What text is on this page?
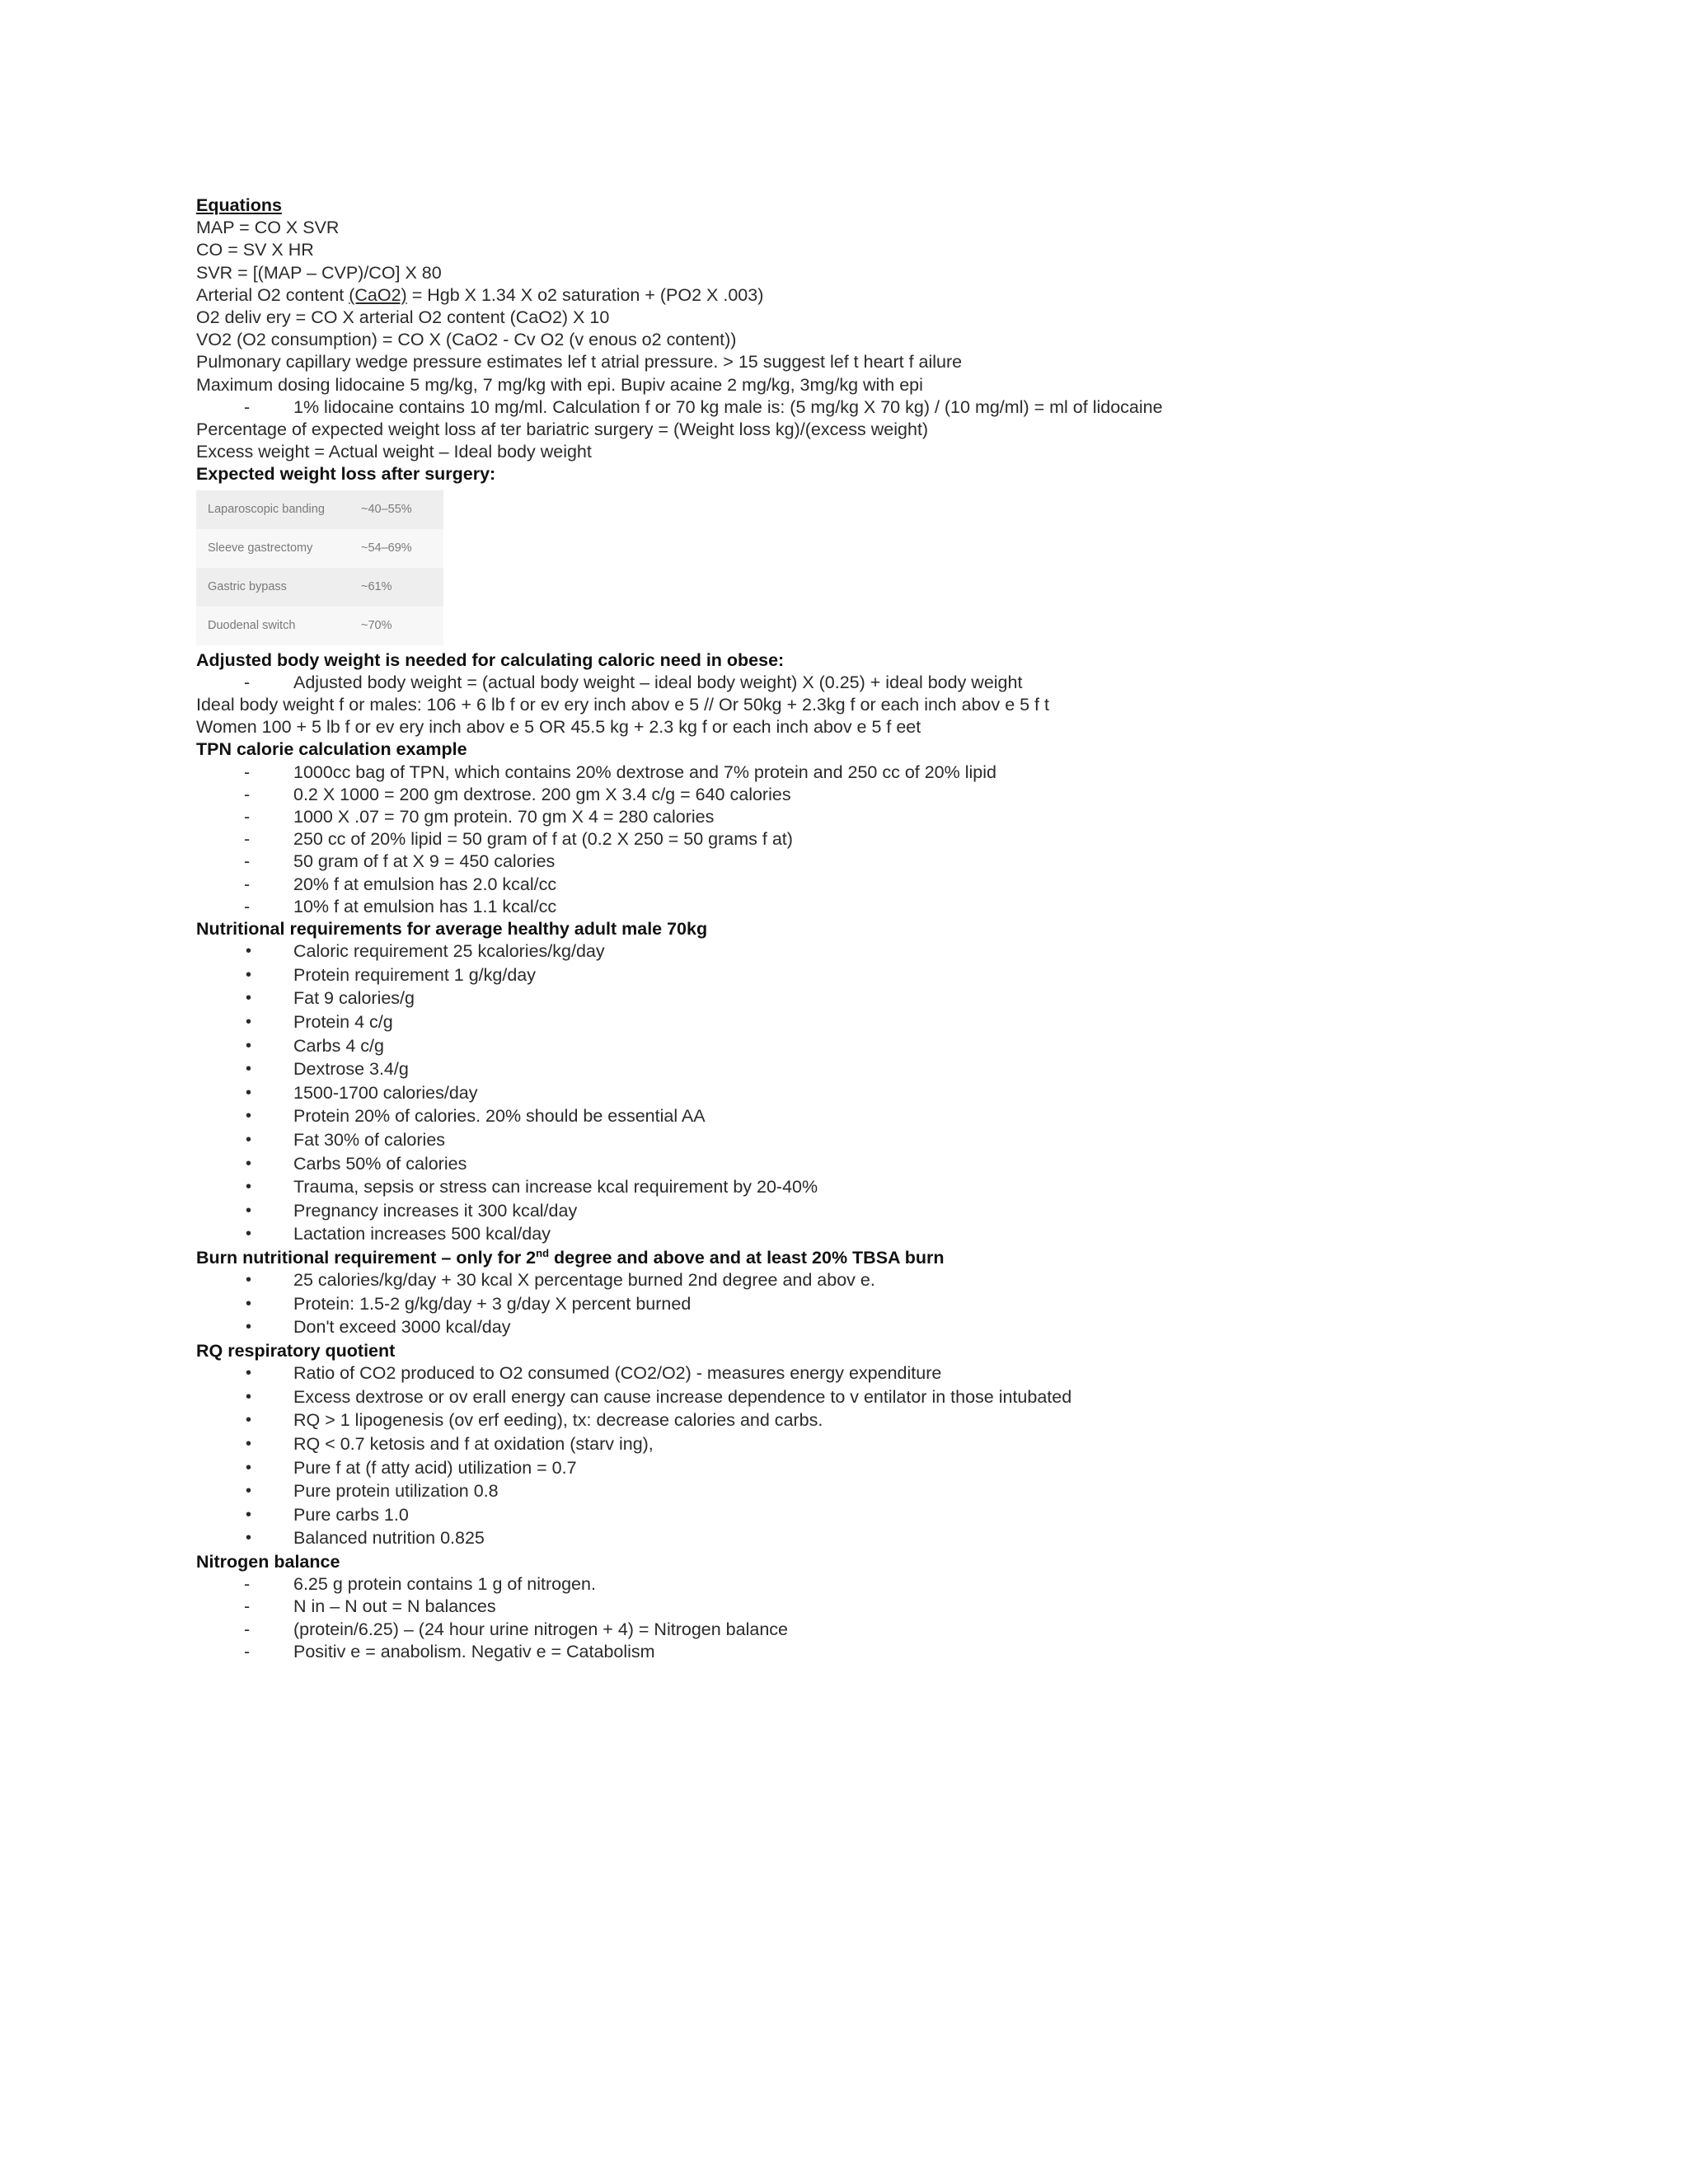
Equations
MAP = CO X SVR
CO = SV X HR
SVR = [(MAP – CVP)/CO] X 80
Arterial O2 content (CaO2) = Hgb X 1.34 X o2 saturation + (PO2 X .003)
O2 deliv ery = CO X arterial O2 content (CaO2) X 10
VO2 (O2 consumption) = CO X (CaO2 - Cv O2 (v enous o2 content))
Pulmonary capillary wedge pressure estimates lef t atrial pressure. > 15 suggest lef t heart f ailure
Maximum dosing lidocaine 5 mg/kg, 7 mg/kg with epi. Bupiv acaine 2 mg/kg, 3mg/kg with epi
- 1% lidocaine contains 10 mg/ml. Calculation f or 70 kg male is: (5 mg/kg X 70 kg) / (10 mg/ml) = ml of lidocaine
Percentage of expected weight loss af ter bariatric surgery = (Weight loss kg)/(excess weight)
Excess weight = Actual weight – Ideal body weight
Expected weight loss after surgery:
Laparoscopic banding	~40–55%
Sleeve gastrectomy	~54–69%
Gastric bypass	~61%
Duodenal switch	~70%
Adjusted body weight is needed for calculating caloric need in obese:
- Adjusted body weight = (actual body weight – ideal body weight) X (0.25) + ideal body weight
Ideal body weight f or males: 106 + 6 lb f or ev ery inch abov e 5 // Or 50kg + 2.3kg f or each inch abov e 5 f t
Women 100 + 5 lb f or ev ery inch abov e 5 OR 45.5 kg + 2.3 kg f or each inch abov e 5 f eet
TPN calorie calculation example
- 1000cc bag of TPN, which contains 20% dextrose and 7% protein and 250 cc of 20% lipid
- 0.2 X 1000 = 200 gm dextrose. 200 gm X 3.4 c/g = 640 calories
- 1000 X .07 = 70 gm protein. 70 gm X 4 = 280 calories
- 250 cc of 20% lipid = 50 gram of f at (0.2 X 250 = 50 grams f at)
- 50 gram of f at X 9 = 450 calories
- 20% f at emulsion has 2.0 kcal/cc
- 10% f at emulsion has 1.1 kcal/cc
Nutritional requirements for average healthy adult male 70kg
• Caloric requirement 25 kcalories/kg/day
• Protein requirement 1 g/kg/day
• Fat 9 calories/g
• Protein 4 c/g
• Carbs 4 c/g
• Dextrose 3.4/g
• 1500-1700 calories/day
• Protein 20% of calories. 20% should be essential AA
• Fat 30% of calories
• Carbs 50% of calories
• Trauma, sepsis or stress can increase kcal requirement by 20-40%
• Pregnancy increases it 300 kcal/day
• Lactation increases 500 kcal/day
Burn nutritional requirement – only for 2nd degree and above and at least 20% TBSA burn
• 25 calories/kg/day + 30 kcal X percentage burned 2nd degree and abov e.
• Protein: 1.5-2 g/kg/day + 3 g/day X percent burned
• Don't exceed 3000 kcal/day
RQ respiratory quotient
• Ratio of CO2 produced to O2 consumed (CO2/O2) - measures energy expenditure
• Excess dextrose or ov erall energy can cause increase dependence to v entilator in those intubated
• RQ > 1 lipogenesis (ov erf eeding), tx: decrease calories and carbs.
• RQ < 0.7 ketosis and f at oxidation (starv ing),
• Pure f at (f atty acid) utilization = 0.7
• Pure protein utilization 0.8
• Pure carbs 1.0
• Balanced nutrition 0.825
Nitrogen balance
- 6.25 g protein contains 1 g of nitrogen.
- N in – N out = N balances
- (protein/6.25) – (24 hour urine nitrogen + 4) = Nitrogen balance
- Positiv e = anabolism. Negativ e = Catabolism
